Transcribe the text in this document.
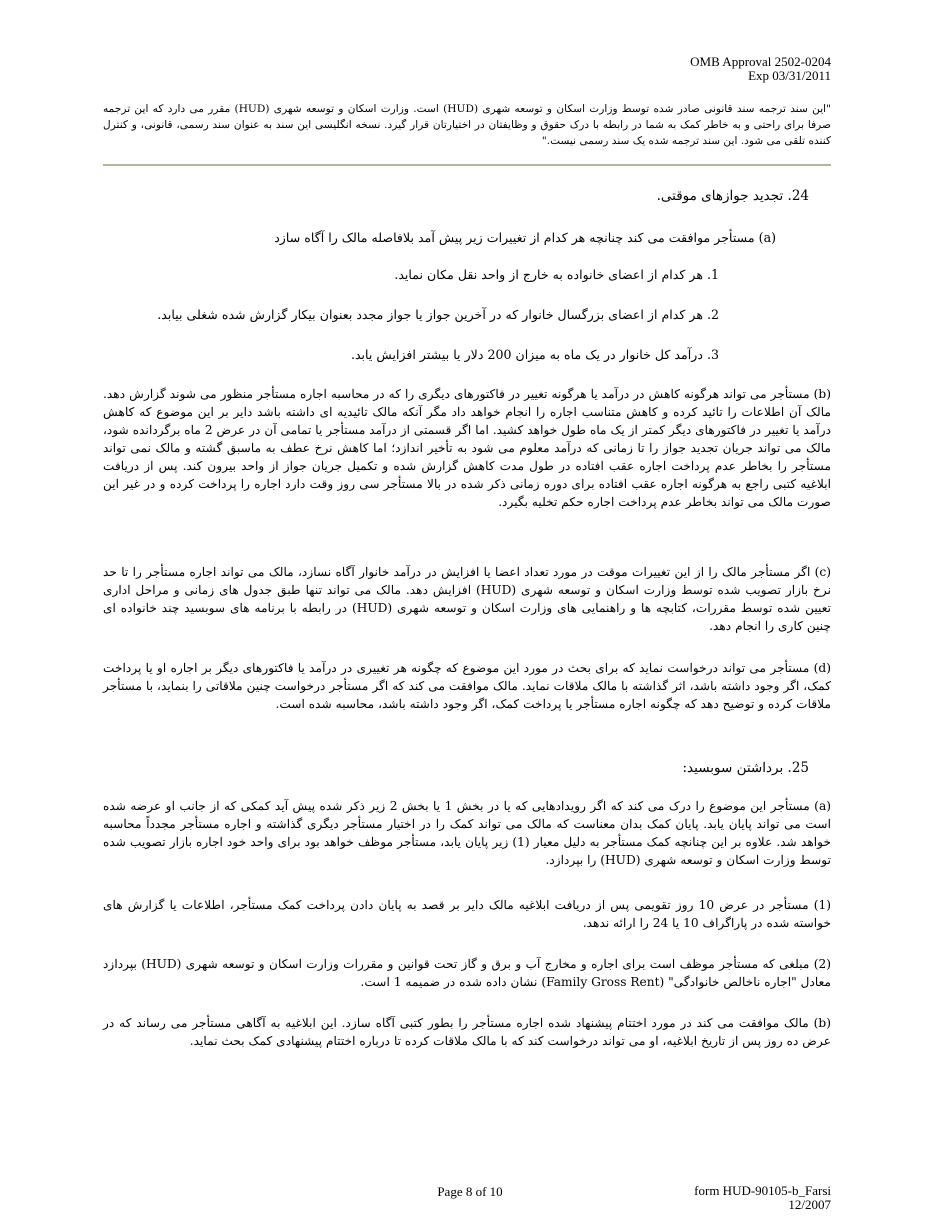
OMB Approval 2502-0204
Exp 03/31/2011
"این سند ترجمه سند قانونی صادر شده توسط وزارت اسکان و توسعه شهری (HUD) است. وزارت اسکان و توسعه شهری (HUD) مقرر می دارد که این ترجمه صرفا برای راحتی و به خاطر کمک به شما در رابطه با درک حقوق و وظایفتان در اختیارتان قرار گیرد. نسخه انگلیسی این سند به عنوان سند رسمی، قانونی، و کنترل کننده تلقی می شود. این سند ترجمه شده یک سند رسمی نیست."
24. تجدید جوازهای موقتی.
(a) مستأجر موافقت می کند چنانچه هر کدام از تغییرات زیر پیش آمد بلافاصله مالک را آگاه سازد
1. هر کدام از اعضای خانواده به خارج از واحد نقل مکان نماید.
2. هر کدام از اعضای بزرگسال خانوار که در آخرین جواز یا جواز مجدد بعنوان بیکار گزارش شده شغلی بیابد.
3. درآمد کل خانوار در یک ماه به میزان 200 دلار یا بیشتر افزایش یابد.
(b) مستأجر می تواند هرگونه کاهش در درآمد یا هرگونه تغییر در فاکتورهای دیگری را که در محاسبه اجاره مستأجر منظور می شوند گزارش دهد. مالک آن اطلاعات را تائید کرده و کاهش متناسب اجاره را انجام خواهد داد مگر آنکه مالک تائیدیه ای داشته باشد دایر بر این موضوع که کاهش درآمد یا تغییر در فاکتورهای دیگر کمتر از یک ماه طول خواهد کشید. اما اگر قسمتی از درآمد مستأجر یا تمامی آن در عرض 2 ماه برگردانده شود، مالک می تواند جریان تجدید جواز را تا زمانی که درآمد معلوم می شود به تأخیر اندازد؛ اما کاهش نرخ عطف به ماسبق گشته و مالک نمی تواند مستأجر را بخاطر عدم پرداخت اجاره عقب افتاده در طول مدت کاهش گزارش شده و تکمیل جریان جواز از واحد بیرون کند. پس از دریافت ابلاغیه کتبی راجع به هرگونه اجاره عقب افتاده برای دوره زمانی ذکر شده در بالا مستأجر سی روز وقت دارد اجاره را پرداخت کرده و در غیر این صورت مالک می تواند بخاطر عدم پرداخت اجاره حکم تخلیه بگیرد.
(c) اگر مستأجر مالک را از این تغییرات موقت در مورد تعداد اعضا یا افزایش در درآمد خانوار آگاه نسازد، مالک می تواند اجاره مستأجر را تا حد نرخ بازار تصویب شده توسط وزارت اسکان و توسعه شهری (HUD) افزایش دهد. مالک می تواند تنها طبق جدول های زمانی و مراحل اداری تعیین شده توسط مقررات، کتابچه ها و راهنمایی های وزارت اسکان و توسعه شهری (HUD) در رابطه با برنامه های سوبسید چند خانواده ای چنین کاری را انجام دهد.
(d) مستأجر می تواند درخواست نماید که برای بحث در مورد این موضوع که چگونه هر تغییری در درآمد یا فاکتورهای دیگر بر اجاره او یا پرداخت کمک، اگر وجود داشته باشد، اثر گذاشته با مالک ملاقات نماید. مالک موافقت می کند که اگر مستأجر درخواست چنین ملاقاتی را بنماید، با مستأجر ملاقات کرده و توضیح دهد که چگونه اجاره مستأجر یا پرداخت کمک، اگر وجود داشته باشد، محاسبه شده است.
25. برداشتن سوبسید:
(a) مستأجر این موضوع را درک می کند که اگر رویدادهایی که یا در بخش 1 یا بخش 2 زیر ذکر شده پیش آید کمکی که از جانب او عرضه شده است می تواند پایان یابد. پایان کمک بدان معناست که مالک می تواند کمک را در اختیار مستأجر دیگری گذاشته و اجاره مستأجر مجدداً محاسبه خواهد شد. علاوه بر این چنانچه کمک مستأجر به دلیل معیار (1) زیر پایان یابد، مستأجر موظف خواهد بود برای واحد خود اجاره بازار تصویب شده توسط وزارت اسکان و توسعه شهری (HUD) را بپردازد.
(1) مستأجر در عرض 10 روز تقویمی پس از دریافت ابلاغیه مالک دایر بر قصد به پایان دادن پرداخت کمک مستأجر، اطلاعات یا گزارش های خواسته شده در پاراگراف 10 یا 24 را ارائه ندهد.
(2) مبلغی که مستأجر موظف است برای اجاره و مخارج آب و برق و گاز تحت قوانین و مقررات وزارت اسکان و توسعه شهری (HUD) بپردازد معادل "اجاره ناخالص خانوادگی" (Family Gross Rent) نشان داده شده در ضمیمه 1 است.
(b) مالک موافقت می کند در مورد اختتام پیشنهاد شده اجاره مستأجر را بطور کتبی آگاه سازد. این ابلاغیه به آگاهی مستأجر می رساند که در عرض ده روز پس از تاریخ ابلاغیه، او می تواند درخواست کند که با مالک ملاقات کرده تا درباره اختتام پیشنهادی کمک بحث نماید.
Page 8 of 10	form HUD-90105-b_Farsi
12/2007
